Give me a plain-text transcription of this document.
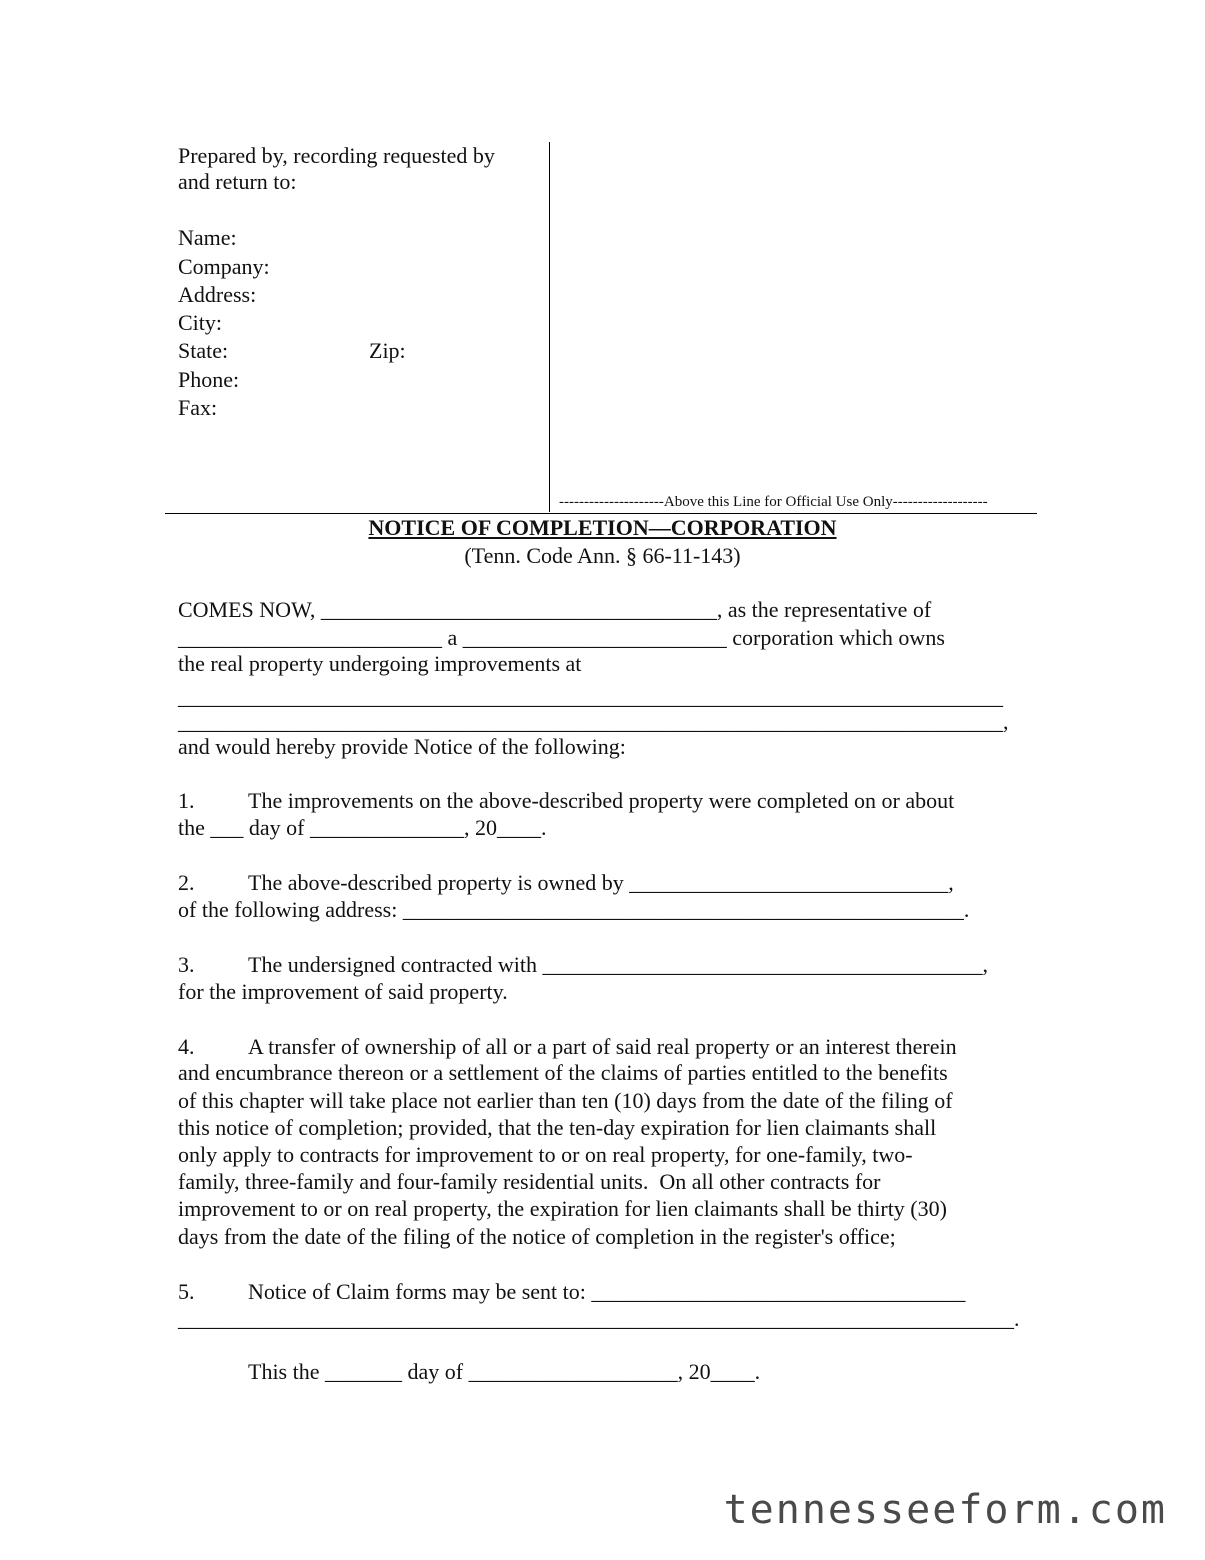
Prepared by, recording requested by
and return to:
Name:
Company:
Address:
City:
State:	Zip:
Phone:
Fax:
---------------------Above this Line for Official Use Only-------------------
NOTICE OF COMPLETION—CORPORATION
(Tenn. Code Ann. § 66-11-143)
COMES NOW, ____________________________________, as the representative of
________________________ a ________________________ corporation which owns
the real property undergoing improvements at
___________________________________________________________________________
___________________________________________________________________________,
and would hereby provide Notice of the following:
1. The improvements on the above-described property were completed on or about
the ___ day of ______________, 20____.
2. The above-described property is owned by _____________________________,
of the following address: ___________________________________________________.
3. The undersigned contracted with ________________________________________,
for the improvement of said property.
4. A transfer of ownership of all or a part of said real property or an interest therein
and encumbrance thereon or a settlement of the claims of parties entitled to the benefits
of this chapter will take place not earlier than ten (10) days from the date of the filing of
this notice of completion; provided, that the ten-day expiration for lien claimants shall
only apply to contracts for improvement to or on real property, for one-family, two-
family, three-family and four-family residential units.  On all other contracts for
improvement to or on real property, the expiration for lien claimants shall be thirty (30)
days from the date of the filing of the notice of completion in the register's office;
5. Notice of Claim forms may be sent to: __________________________________
____________________________________________________________________________.
This the _______ day of ___________________, 20____.
tennesseeform.com
